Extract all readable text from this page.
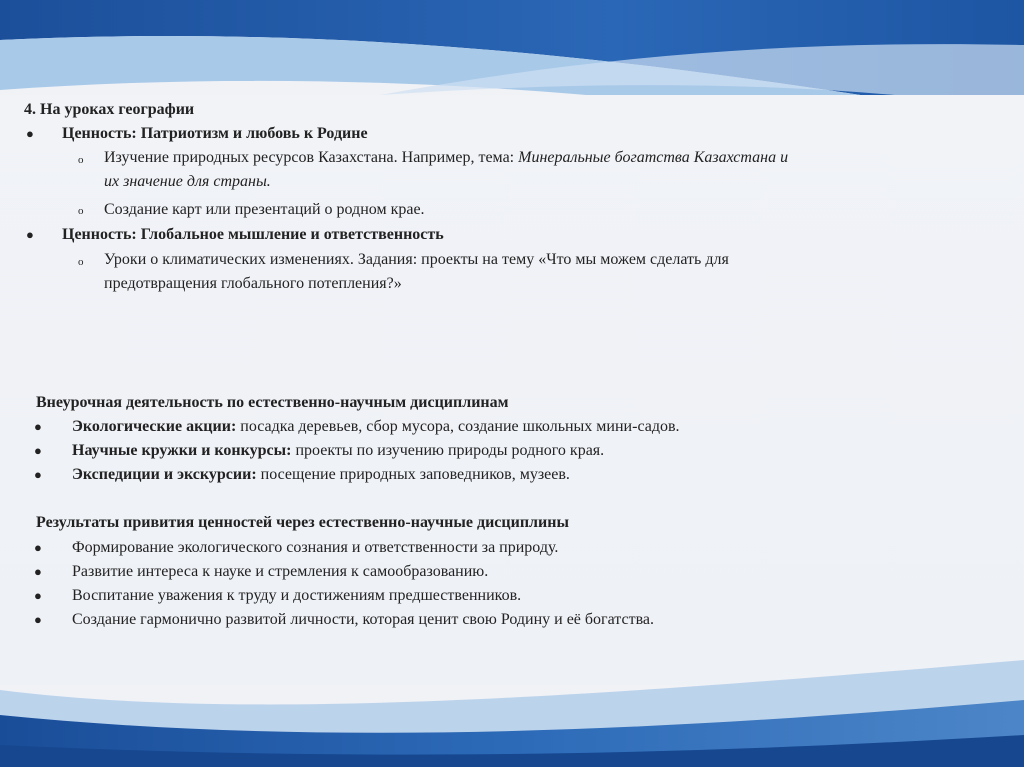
4. На уроках географии
● Ценность: Патриотизм и любовь к Родине
o Изучение природных ресурсов Казахстана. Например, тема: Минеральные богатства Казахстана и
их значение для страны.
o Создание карт или презентаций о родном крае.
● Ценность: Глобальное мышление и ответственность
o Уроки о климатических изменениях. Задания: проекты на тему «Что мы можем сделать для
предотвращения глобального потепления?»
Внеурочная деятельность по естественно-научным дисциплинам
● Экологические акции: посадка деревьев, сбор мусора, создание школьных мини-садов.
● Научные кружки и конкурсы: проекты по изучению природы родного края.
● Экспедиции и экскурсии: посещение природных заповедников, музеев.
Результаты привития ценностей через естественно-научные дисциплины
● Формирование экологического сознания и ответственности за природу.
● Развитие интереса к науке и стремления к самообразованию.
● Воспитание уважения к труду и достижениям предшественников.
● Создание гармонично развитой личности, которая ценит свою Родину и её богатства.
